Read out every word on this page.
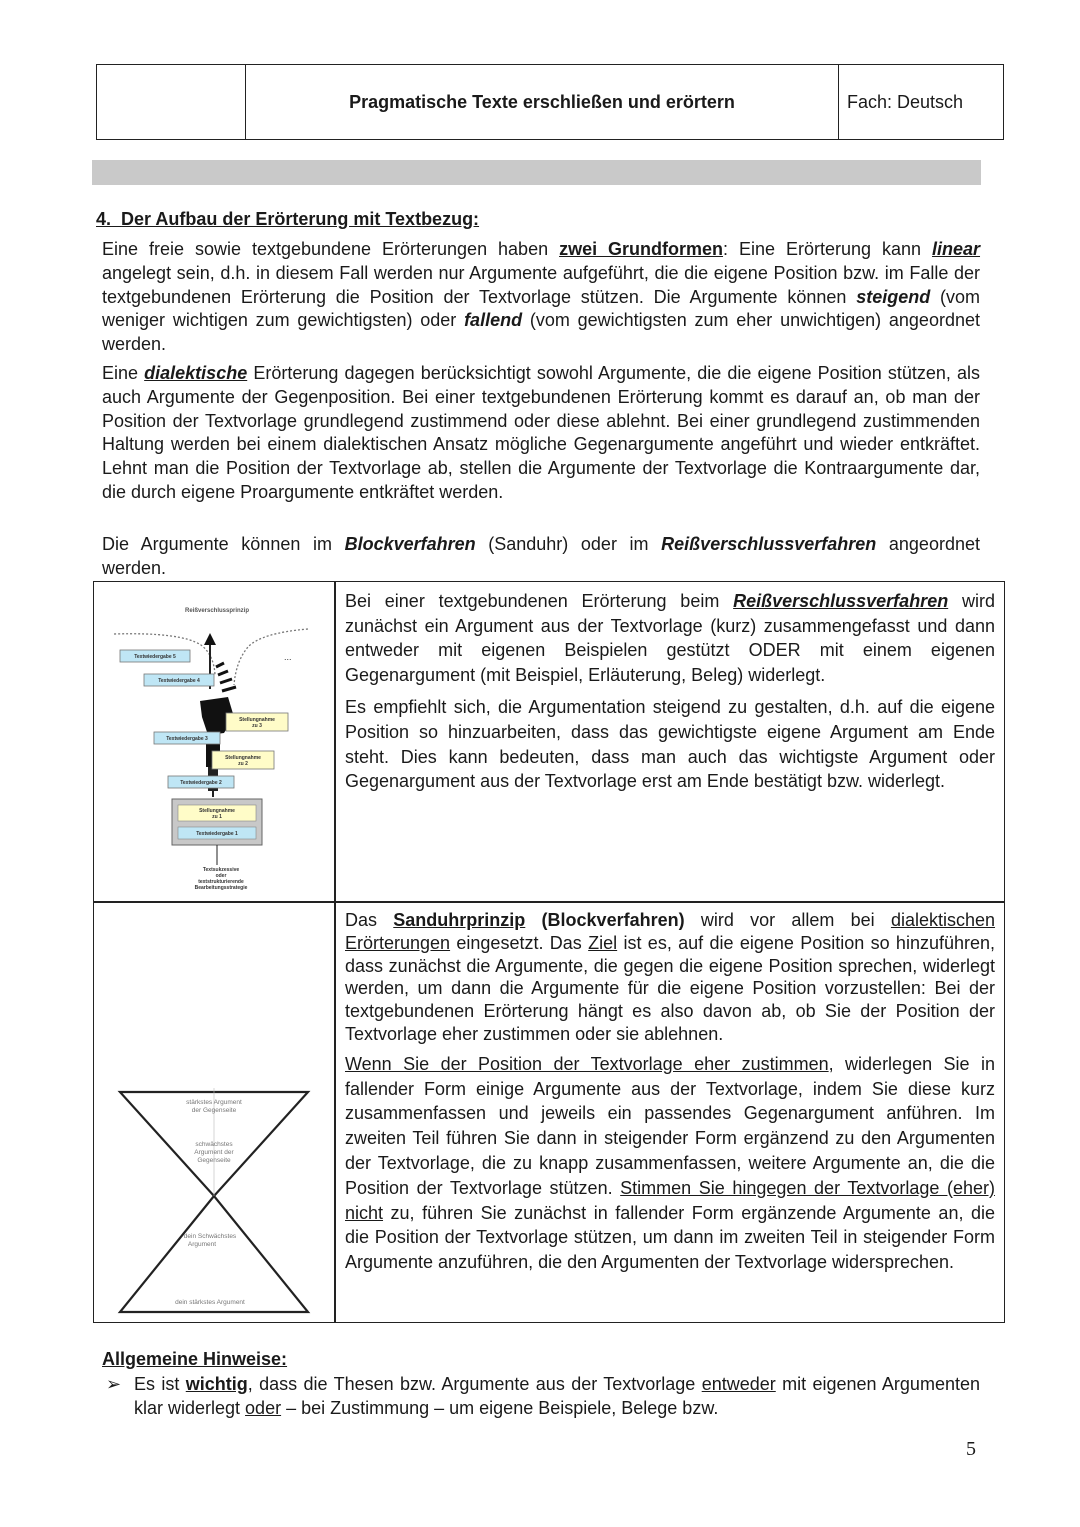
Pragmatische Texte erschließen und erörtern	Fach: Deutsch
4. Der Aufbau der Erörterung mit Textbezug:

Eine freie sowie textgebundene Erörterungen haben zwei Grundformen: Eine Erörterung kann linear angelegt sein, d.h. in diesem Fall werden nur Argumente aufgeführt, die die eigene Position bzw. im Falle der textgebundenen Erörterung die Position der Textvorlage stützen. Die Argumente können steigend (vom weniger wichtigen zum gewichtigsten) oder fallend (vom gewichtigsten zum eher unwichtigen) angeordnet werden.

Eine dialektische Erörterung dagegen berücksichtigt sowohl Argumente, die die eigene Position stützen, als auch Argumente der Gegenposition. Bei einer textgebundenen Erörterung kommt es darauf an, ob man der Position der Textvorlage grundlegend zustimmend oder diese ablehnt. Bei einer grundlegend zustimmenden Haltung werden bei einem dialektischen Ansatz mögliche Gegenargumente angeführt und wieder entkräftet. Lehnt man die Position der Textvorlage ab, stellen die Argumente der Textvorlage die Kontraargumente dar, die durch eigene Proargumente entkräftet werden.

Die Argumente können im Blockverfahren (Sanduhr) oder im Reißverschlussverfahren angeordnet werden.

Reißverschlussprinzip
...
Textwiedergabe 5
Textwiedergabe 4
Stellungnahme
zu 3
Textwiedergabe 3
Stellungnahme
zu 2
Textwiedergabe 2
Stellungnahme
zu 1
Textwiedergabe 1
Textsukzessive
oder
textstrukturierende
Bearbeitungsstrategie

Bei einer textgebundenen Erörterung beim Reißverschlussverfahren wird zunächst ein Argument aus der Textvorlage (kurz) zusammengefasst und dann entweder mit eigenen Beispielen gestützt ODER mit einem eigenen Gegenargument (mit Beispiel, Erläuterung, Beleg) widerlegt.

Es empfiehlt sich, die Argumentation steigend zu gestalten, d.h. auf die eigene Position so hinzuarbeiten, dass das gewichtigste eigene Argument am Ende steht. Dies kann bedeuten, dass man auch das wichtigste Argument oder Gegenargument aus der Textvorlage erst am Ende bestätigt bzw. widerlegt.

stärkstes Argument
der Gegenseite
schwächstes
Argument der
Gegenseite
dein Schwächstes
Argument
dein stärkstes Argument

Das Sanduhrprinzip (Blockverfahren) wird vor allem bei dialektischen Erörterungen eingesetzt. Das Ziel ist es, auf die eigene Position so hinzuführen, dass zunächst die Argumente, die gegen die eigene Position sprechen, widerlegt werden, um dann die Argumente für die eigene Position vorzustellen: Bei der textgebundenen Erörterung hängt es also davon ab, ob Sie der Position der Textvorlage eher zustimmen oder sie ablehnen.

Wenn Sie der Position der Textvorlage eher zustimmen, widerlegen Sie in fallender Form einige Argumente aus der Textvorlage, indem Sie diese kurz zusammenfassen und jeweils ein passendes Gegenargument anführen. Im zweiten Teil führen Sie dann in steigender Form ergänzend zu den Argumenten der Textvorlage, die zu knapp zusammenfassen, weitere Argumente an, die die Position der Textvorlage stützen. Stimmen Sie hingegen der Textvorlage (eher) nicht zu, führen Sie zunächst in fallender Form ergänzende Argumente an, die die Position der Textvorlage stützen, um dann im zweiten Teil in steigender Form Argumente anzuführen, die den Argumenten der Textvorlage widersprechen.

Allgemeine Hinweise:
➢ Es ist wichtig, dass die Thesen bzw. Argumente aus der Textvorlage entweder mit eigenen Argumenten klar widerlegt oder – bei Zustimmung – um eigene Beispiele, Belege bzw.
5
